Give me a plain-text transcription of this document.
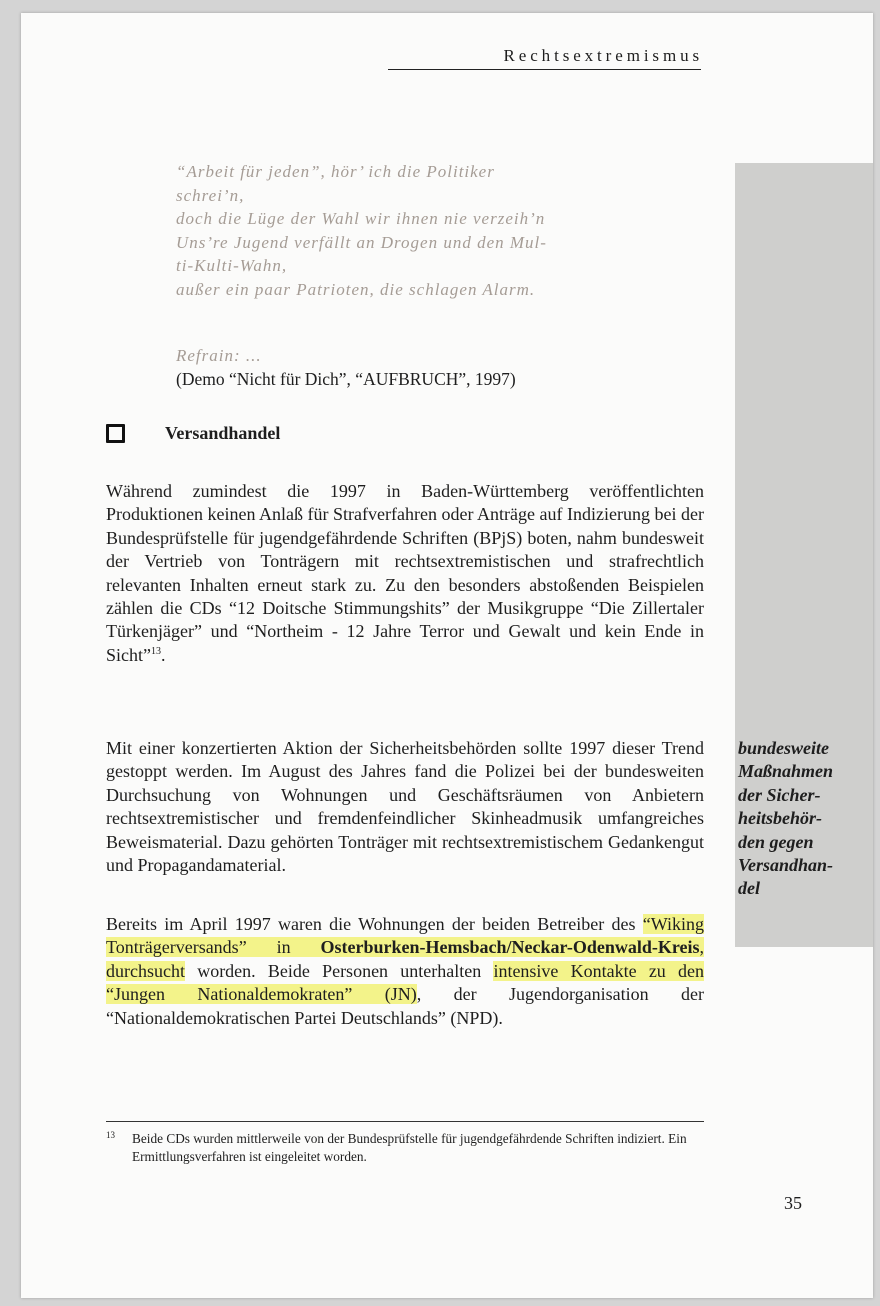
Rechtsextremismus
“Arbeit für jeden”, hör’ ich die Politiker
schrei’n,
doch die Lüge der Wahl wir ihnen nie verzeih’n
Uns’re Jugend verfällt an Drogen und den Mul-
ti-Kulti-Wahn,
außer ein paar Patrioten, die schlagen Alarm.
Refrain: ...
(Demo “Nicht für Dich”, “AUFBRUCH”, 1997)
Versandhandel
Während zumindest die 1997 in Baden-Württemberg veröffentlichten Produktionen keinen Anlaß für Strafverfahren oder Anträge auf Indizierung bei der Bundesprüfstelle für jugendgefährdende Schriften (BPjS) boten, nahm bundesweit der Vertrieb von Tonträgern mit rechtsextremistischen und strafrechtlich relevanten Inhalten erneut stark zu. Zu den besonders abstoßenden Beispielen zählen die CDs “12 Doitsche Stimmungshits” der Musikgruppe “Die Zillertaler Türkenjäger” und “Northeim - 12 Jahre Terror und Gewalt und kein Ende in Sicht”$^{13}$.
Mit einer konzertierten Aktion der Sicherheitsbehörden sollte 1997 dieser Trend gestoppt werden. Im August des Jahres fand die Polizei bei der bundesweiten Durchsuchung von Wohnungen und Geschäftsräumen von Anbietern rechtsextremistischer und fremdenfeindlicher Skinheadmusik umfangreiches Beweismaterial. Dazu gehörten Tonträger mit rechtsextremistischem Gedankengut und Propagandamaterial.
Bereits im April 1997 waren die Wohnungen der beiden Betreiber des “Wiking Tonträgerversands” in Osterburken-Hemsbach/Neckar-Odenwald-Kreis, durchsucht worden. Beide Personen unterhalten intensive Kontakte zu den “Jungen Nationaldemokraten” (JN), der Jugendorganisation der “Nationaldemokratischen Partei Deutschlands” (NPD).
bundesweite
Maßnahmen
der Sicher-
heitsbehör-
den gegen
Versandhan-
del
13	Beide CDs wurden mittlerweile von der Bundesprüfstelle für jugendgefährdende Schriften indiziert. Ein Ermittlungsverfahren ist eingeleitet worden.
35
